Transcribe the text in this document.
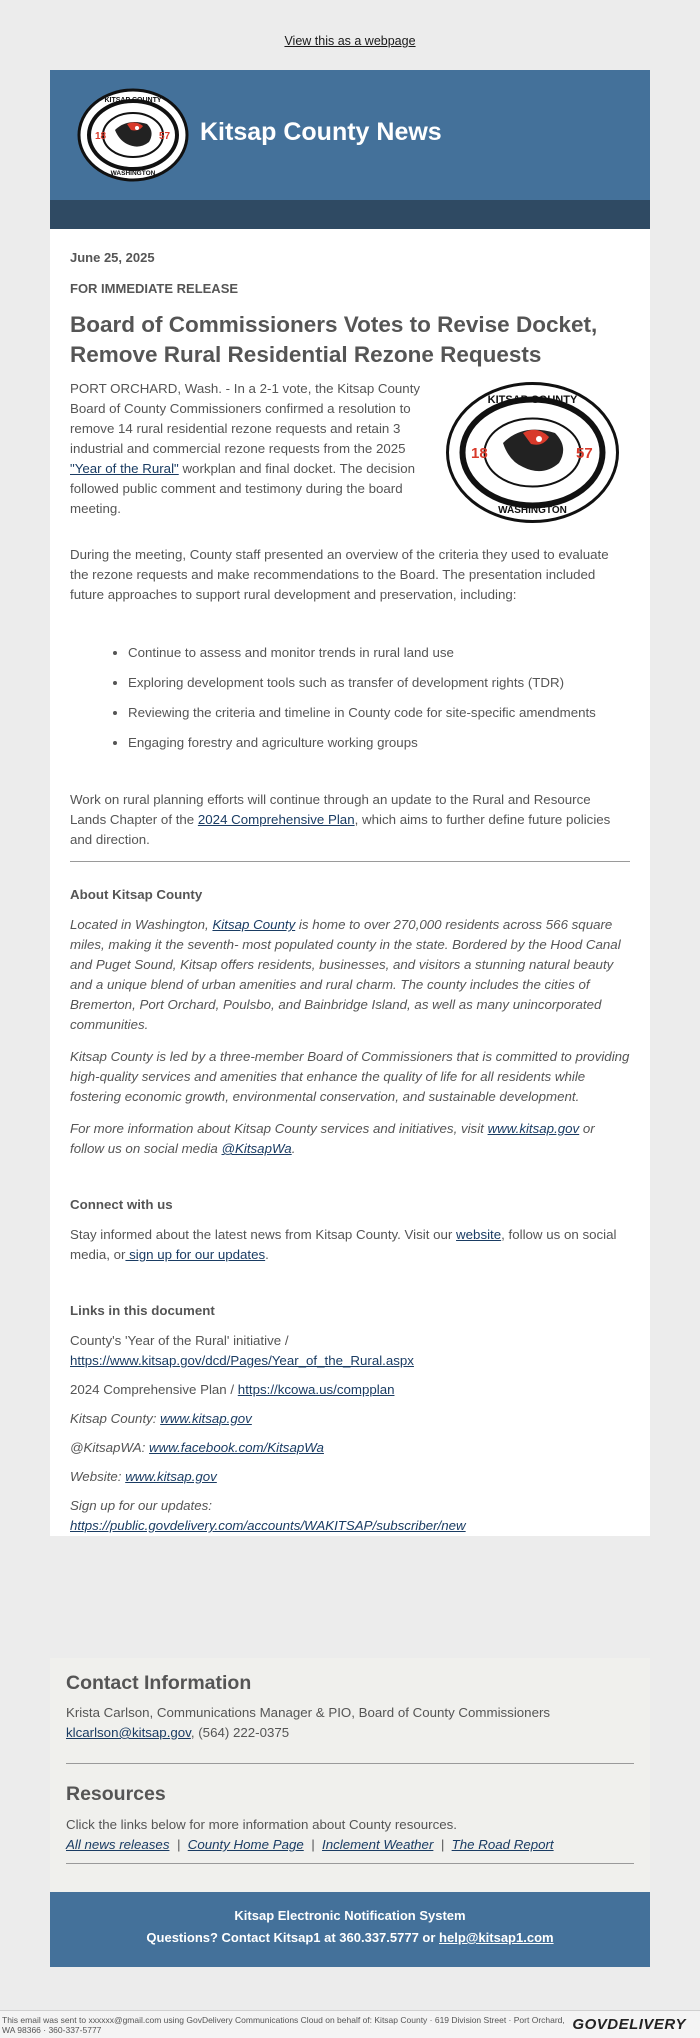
View this as a webpage
KITSAP COUNTY
WASHINGTON
18	57 Kitsap County News
June 25, 2025
FOR IMMEDIATE RELEASE
Board of Commissioners Votes to Revise Docket, Remove Rural Residential Rezone Requests
PORT ORCHARD, Wash. - In a 2-1 vote, the Kitsap County Board of County Commissioners confirmed a resolution to remove 14 rural residential rezone requests and retain 3 industrial and commercial rezone requests from the 2025 "Year of the Rural" workplan and final docket. The decision followed public comment and testimony during the board meeting.
KITSAP COUNTY
WASHINGTON
18	57

During the meeting, County staff presented an overview of the criteria they used to evaluate the rezone requests and make recommendations to the Board. The presentation included future approaches to support rural development and preservation, including:

• Continue to assess and monitor trends in rural land use
• Exploring development tools such as transfer of development rights (TDR)
• Reviewing the criteria and timeline in County code for site-specific amendments
• Engaging forestry and agriculture working groups

Work on rural planning efforts will continue through an update to the Rural and Resource Lands Chapter of the 2024 Comprehensive Plan, which aims to further define future policies and direction.

About Kitsap County

Located in Washington, Kitsap County is home to over 270,000 residents across 566 square miles, making it the seventh- most populated county in the state. Bordered by the Hood Canal and Puget Sound, Kitsap offers residents, businesses, and visitors a stunning natural beauty and a unique blend of urban amenities and rural charm. The county includes the cities of Bremerton, Port Orchard, Poulsbo, and Bainbridge Island, as well as many unincorporated communities.

Kitsap County is led by a three-member Board of Commissioners that is committed to providing high-quality services and amenities that enhance the quality of life for all residents while fostering economic growth, environmental conservation, and sustainable development.

For more information about Kitsap County services and initiatives, visit www.kitsap.gov or follow us on social media @KitsapWa.

Connect with us

Stay informed about the latest news from Kitsap County. Visit our website, follow us on social media, or sign up for our updates.

Links in this document

County's 'Year of the Rural' initiative / https://www.kitsap.gov/dcd/Pages/Year_of_the_Rural.aspx

2024 Comprehensive Plan / https://kcowa.us/compplan

Kitsap County: www.kitsap.gov

@KitsapWA: www.facebook.com/KitsapWa

Website: www.kitsap.gov

Sign up for our updates: https://public.govdelivery.com/accounts/WAKITSAP/subscriber/new

Contact Information
Krista Carlson, Communications Manager & PIO, Board of County Commissioners
klcarlson@kitsap.gov, (564) 222-0375
Resources
Click the links below for more information about County resources.
All news releases | County Home Page | Inclement Weather | The Road Report
Kitsap Electronic Notification System
Questions? Contact Kitsap1 at 360.337.5777 or help@kitsap1.com
This email was sent to xxxxxx@gmail.com using GovDelivery Communications Cloud on behalf of: Kitsap County · 619 Division Street · Port Orchard, WA 98366 · 360-337-5777	GOVDELIVERY
